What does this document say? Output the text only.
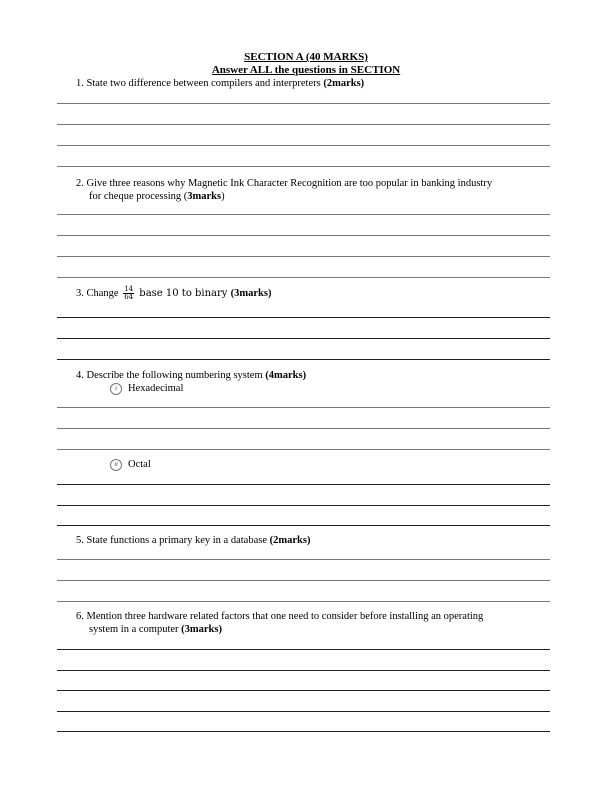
SECTION A (40 MARKS)
Answer ALL the questions in SECTION
1. State two difference between compilers and interpreters (2marks)
2. Give three reasons why Magnetic Ink Character Recognition are too popular in banking industry
for cheque processing (3marks)
3. Change $\frac{14}{64}$ base 10 to binary (3marks)
4. Describe the following numbering system (4marks)
i Hexadecimal
ii Octal
5. State functions a primary key in a database (2marks)
6. Mention three hardware related factors that one need to consider before installing an operating
system in a computer (3marks)
